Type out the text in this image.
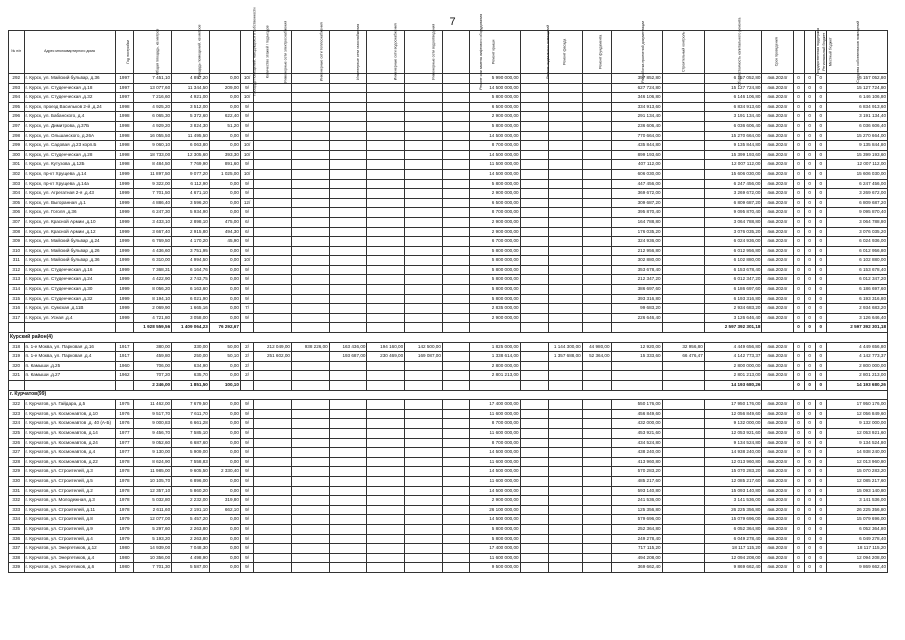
7
№ п/п	Адрес многоквартирного дома	Год постройки	Общая площадь, кв.метров	Площадь помещений, кв.метров	Площадь помещений, находящихся в собственности	Количество этажей / подъездов	Инженерные сети электроснабжения	Инженерные сети теплоснабжения	Инженерные сети газоснабжения	Инженерные сети водоснабжения	Инженерные сети водоотведения	Ремонт или замена лифтового оборудования	Ремонт крыши	Ремонт подвальных помещений	Ремонт фасада	Ремонт фундамента	Разработка проектной документации	Строительный контроль	Общая стоимость капитального ремонта	Срок проведения	Государственная поддержка	Региональный бюджет	Местный бюджет	Средства собственников помещений
292	г. Курск, ул. Майский бульвар, д.36	1997	7 451,10	4 897,20	0,00	10/							5 990 000,00				357 852,80		6 157 052,80	4кв.2024г	0	0	0	6 157 052,80
293	г. Курск, ул. Студенческая ,д.18	1997	13 077,60	11 344,50	209,00	9/							14 500 000,00				627 724,80		15 127 724,80	4кв.2024г	0	0	0	15 127 724,80
294	г. Курск, ул. Студенческая ,д.32	1997	7 216,60	4 921,00	0,00	10/							5 800 000,00				346 106,80		6 146 106,80	4кв.2024г	0	0	0	6 146 106,80
295	г. Курск, проезд Васильков 2-й ,д.24	1998	4 925,20	3 512,00	0,00	9/							6 500 000,00				334 913,60		6 834 913,60	4кв.2024г	0	0	0	6 834 913,60
296	г. Курск, ул. Бабанского, д.4	1998	6 065,30	5 372,60	622,40	9/							2 900 000,00				291 134,40		3 191 134,40	4кв.2024г	0	0	0	3 191 134,40
297	г. Курск, ул. Димитрова, д.37Б	1998	4 929,20	3 824,30	51,20	9/							5 800 000,00				236 606,40		6 036 606,40	4кв.2024г	0	0	0	6 036 606,40
298	г. Курск, ул. Ольшанского, д.26А	1998	16 055,50	11 495,50	0,00	9/							14 500 000,00				770 664,00		15 270 664,00	4кв.2024г	0	0	0	15 270 664,00
299	г. Курск, ул. Садовая ,д.23 корп.Б	1998	9 060,10	6 063,80	0,00	10/							8 700 000,00				435 844,80		9 135 844,80	4кв.2024г	0	0	0	9 135 844,80
300	г. Курск, ул. Студенческая ,д.28	1998	18 733,00	12 305,60	393,30	10/							14 500 000,00				899 193,60		15 399 193,60	4кв.2024г	0	0	0	15 399 193,60
301	г. Курск, ул. Кутузова ,д.12Б	1998	8 484,50	7 769,90	891,60	9/							11 500 000,00				407 112,00		12 007 112,00	4кв.2024г	0	0	0	12 007 112,00
302	г. Курск, пр-кт Хрущева ,д.14	1999	11 897,50	9 077,20	1 025,00	10/							14 500 000,00				606 030,00		15 606 030,00	4кв.2024г	0	0	0	15 606 030,00
303	г. Курск, пр-кт Хрущева ,д.14а	1999	9 322,00	6 112,90	0,00	9/							5 800 000,00				447 456,00		6 247 456,00	4кв.2024г	0	0	0	6 247 456,00
304	г. Курск, ул. Агрегатная 2-я ,д.43	1999	7 701,50	4 671,10	0,00	9/							2 900 000,00				369 672,00		3 269 672,00	4кв.2024г	0	0	0	3 269 672,00
305	г. Курск, ул. Выгоранная ,д.1	1999	4 886,40	3 596,20	0,00	12/							6 500 000,00				309 687,20		6 809 687,20	4кв.2024г	0	0	0	6 809 687,20
306	г. Курск, ул. Гоголя ,д.36	1999	6 247,30	5 934,90	0,00	9/							8 700 000,00				395 870,40		9 095 870,40	4кв.2024г	0	0	0	9 095 870,40
307	г. Курск, ул. Красной Армии ,д.10	1999	3 433,10	2 898,10	475,00	6/							2 900 000,00				164 788,80		3 064 788,80	4кв.2024г	0	0	0	3 064 788,80
308	г. Курск, ул. Красной Армии ,д.12	1999	3 667,40	2 915,80	494,30	6/							2 900 000,00				176 035,20		3 076 035,20	4кв.2024г	0	0	0	3 076 035,20
309	г. Курск, ул. Майский бульвар ,д.24	1999	6 769,50	4 170,20	45,90	9/							6 700 000,00				324 936,00		6 024 936,00	4кв.2024г	0	0	0	6 024 936,00
310	г. Курск, ул. Майский бульвар ,д.26	1999	4 436,60	3 751,95	0,00	9/							5 800 000,00				212 956,80		6 012 956,80	4кв.2024г	0	0	0	6 012 956,80
311	г. Курск, ул. Майский бульвар ,д.36	1999	6 310,00	4 994,50	0,00	10/							5 800 000,00				302 880,00		6 102 880,00	4кв.2024г	0	0	0	6 102 880,00
312	г. Курск, ул. Студенческая ,д.16	1999	7 368,31	6 164,76	0,00	9/							5 800 000,00				353 678,40		6 153 678,40	4кв.2024г	0	0	0	6 153 678,40
313	г. Курск, ул. Студенческая ,д.24	1999	4 422,90	2 743,75	0,00	9/							5 800 000,00				212 347,20		6 012 347,20	4кв.2024г	0	0	0	6 012 347,20
314	г. Курск, ул. Студенческая ,д.30	1999	8 056,20	6 163,60	0,00	9/							5 800 000,00				386 697,60		6 186 697,60	4кв.2024г	0	0	0	6 186 697,60
315	г. Курск, ул. Студенческая ,д.32	1999	8 194,10	6 021,90	0,00	9/							5 800 000,00				393 316,80		6 193 316,80	4кв.2024г	0	0	0	6 193 316,80
316	г. Курск, ул. Сумская ,д.11В	1999	2 069,90	1 665,16	0,00	7/							2 835 000,00				99 683,20		2 934 683,20	4кв.2024г	0	0	0	2 934 683,20
317	г. Курск, ул. Усная ,д.4	1999	4 721,80	3 058,00	0,00	9/							2 900 000,00				226 646,40		3 126 646,40	4кв.2024г	0	0	0	3 126 646,40
			1 928 559,56	1 409 064,23	76 292,67														2 597 392 301,18		0	0	0	2 597 392 301,18
Курский район(4)																								
318	п. 1-е Моква, ул. Парковая ,д.16	1917	380,00	330,00	50,00	2/	212 049,00	938 226,00	163 436,00	194 160,00	142 500,00		1 825 000,00		1 144 300,00	44 980,00	12 920,00	32 956,80	4 449 656,80	4кв.2024г	0	0	0	4 449 656,80
319	п. 1-е Моква, ул. Парковая ,д.4	1917	459,80	250,00	50,10	2/	251 602,00		193 687,00	230 469,00	169 087,00		1 338 614,00		1 357 688,00	52 364,00	15 333,60	66 476,47	4 142 773,37	4кв.2024г	0	0	0	4 142 773,37
320	п. Камыши ,д.25	1960	706,00	634,90	0,00	2/							2 800 000,00						2 800 000,00	4кв.2024г	0	0	0	2 800 000,00
321	п. Камыши ,д.27	1962	707,20	635,70	0,00	2/							2 801 213,00						2 801 213,00	4кв.2024г	0	0	0	2 801 213,00
			2 246,00	1 851,50	100,10														14 193 680,26		0	0	0	14 193 680,26
г. Курчатов(99)																								
322	г. Курчатов, ул. Гайдара, д.5	1975	11 462,00	7 679,50	0,00	9/							17 400 000,00				550 176,00		17 950 176,00	4кв.2024г	0	0	0	17 950 176,00
323	г. Курчатов, ул. Космонавтов, д.10	1976	9 517,70	7 611,70	0,00	9/							11 600 000,00				456 849,60		12 056 849,60	4кв.2024г	0	0	0	12 056 849,60
324	г. Курчатов, ул. Космонавтов ,д. 40 (А-Б)	1976	9 000,83	6 661,28	0,00	9/							8 700 000,00				432 000,00		9 132 000,00	4кв.2024г	0	0	0	9 132 000,00
325	г. Курчатов, ул. Космонавтов, д.14	1977	9 456,70	7 585,10	0,00	9/							11 600 000,00				453 921,60		12 053 921,60	4кв.2024г	0	0	0	12 053 921,60
326	г. Курчатов, ул. Космонавтов, д.24	1977	9 052,60	6 687,60	0,00	9/							8 700 000,00				434 524,80		9 134 524,80	4кв.2024г	0	0	0	9 134 524,80
327	г. Курчатов, ул. Космонавтов, д.4	1977	9 130,00	5 909,00	0,00	9/							14 500 000,00				438 240,00		14 938 240,00	4кв.2024г	0	0	0	14 938 240,00
328	г. Курчатов, ул. Космонавтов, д.22	1978	8 624,90	7 558,83	0,00	9/							11 600 000,00				413 960,80		12 013 960,80	4кв.2024г	0	0	0	12 013 960,80
329	г. Курчатов, ул. Строителей, д.3	1978	11 985,00	9 605,50	2 330,40	9/							14 500 000,00				570 283,20		15 070 283,20	4кв.2024г	0	0	0	15 070 283,20
330	г. Курчатов, ул. Строителей, д.5	1978	10 105,70	6 896,00	0,00	9/							11 600 000,00				485 217,60		12 085 217,60	4кв.2024г	0	0	0	12 085 217,60
331	г. Курчатов, ул. Строителей, д.2	1978	12 357,10	5 860,20	0,00	9/							14 500 000,00				593 140,80		15 093 140,80	4кв.2024г	0	0	0	15 093 140,80
332	г. Курчатов, ул. Молодежная, д.3	1978	5 032,80	2 232,00	319,80	9/							2 900 000,00				241 536,00		3 141 536,00	4кв.2024г	0	0	0	3 141 536,00
333	г. Курчатов, ул. Строителей, д.11	1978	2 611,60	2 191,10	662,10	9/							26 100 000,00				125 356,80		26 225 356,80	4кв.2024г	0	0	0	26 225 356,80
334	г. Курчатов, ул. Строителей, д.8	1979	12 077,00	5 457,20	0,00	9/							14 500 000,00				579 696,00		15 079 696,00	4кв.2024г	0	0	0	15 079 696,00
335	г. Курчатов, ул. Строителей, д.9	1979	5 297,60	2 263,80	0,00	9/							5 800 000,00				252 364,80		6 052 364,80	4кв.2024г	0	0	0	6 052 364,80
336	г. Курчатов, ул. Строителей, д.4	1979	5 193,20	2 263,80	0,00	9/							5 800 000,00				249 278,40		6 049 278,40	4кв.2024г	0	0	0	6 049 278,40
337	г. Курчатов, ул. Энергетиков, д.12	1980	14 939,00	7 048,30	0,00	9/							17 400 000,00				717 115,20		18 117 115,20	4кв.2024г	0	0	0	18 117 115,20
338	г. Курчатов, ул. Энергетиков, д.4	1980	10 356,00	4 498,90	0,00	9/							11 600 000,00				494 208,00		12 094 208,00	4кв.2024г	0	0	0	12 094 208,00
339	г. Курчатов, ул. Энергетиков, д.6	1980	7 701,30	5 587,00	0,00	9/							9 500 000,00				369 662,40		9 869 662,40	4кв.2024г	0	0	0	9 869 662,40
